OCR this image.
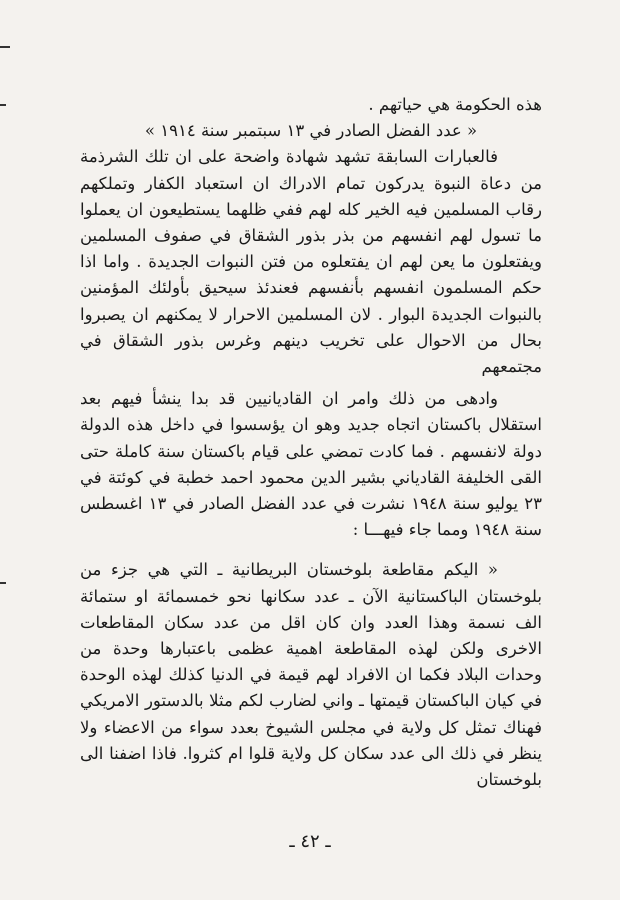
هذه الحكومة هي حياتهم .

« عدد الفضل الصادر في ١٣ سبتمبر سنة ١٩١٤ »

فالعبارات السابقة تشهد شهادة واضحة على ان تلك الشرذمة من دعاة النبوة يدركون تمام الادراك ان استعباد الكفار وتملكهم رقاب المسلمين فيه الخير كله لهم ففي ظلهما يستطيعون ان يعملوا ما تسول لهم انفسهم من بذر بذور الشقاق في صفوف المسلمين ويفتعلون ما يعن لهم ان يفتعلوه من فتن النبوات الجديدة . واما اذا حكم المسلمون انفسهم بأنفسهم فعندئذ سيحيق بأولئك المؤمنين بالنبوات الجديدة البوار . لان المسلمين الاحرار لا يمكنهم ان يصبروا بحال من الاحوال على تخريب دينهم وغرس بذور الشقاق في مجتمعهم

وادهى من ذلك وامر ان القاديانيين قد بدا ينشأ فيهم بعد استقلال باكستان اتجاه جديد وهو ان يؤسسوا في داخل هذه الدولة دولة لانفسهم . فما كادت تمضي على قيام باكستان سنة كاملة حتى القى الخليفة القادياني بشير الدين محمود احمد خطبة في كوئتة في ٢٣ يوليو سنة ١٩٤٨ نشرت في عدد الفضل الصادر في ١٣ اغسطس سنة ١٩٤٨ ومما جاء فيهـــا :

« اليكم مقاطعة بلوخستان البريطانية ـ التي هي جزء من بلوخستان الباكستانية الآن ـ عدد سكانها نحو خمسمائة او ستمائة الف نسمة وهذا العدد وان كان اقل من عدد سكان المقاطعات الاخرى ولكن لهذه المقاطعة اهمية عظمى باعتبارها وحدة من وحدات البلاد فكما ان الافراد لهم قيمة في الدنيا كذلك لهذه الوحدة في كيان الباكستان قيمتها ـ واني لضارب لكم مثلا بالدستور الامريكي فهناك تمثل كل ولاية في مجلس الشيوخ بعدد سواء من الاعضاء ولا ينظر في ذلك الى عدد سكان كل ولاية قلوا ام كثروا. فاذا اضفنا الى بلوخستان

ـ ٤٢ ـ
